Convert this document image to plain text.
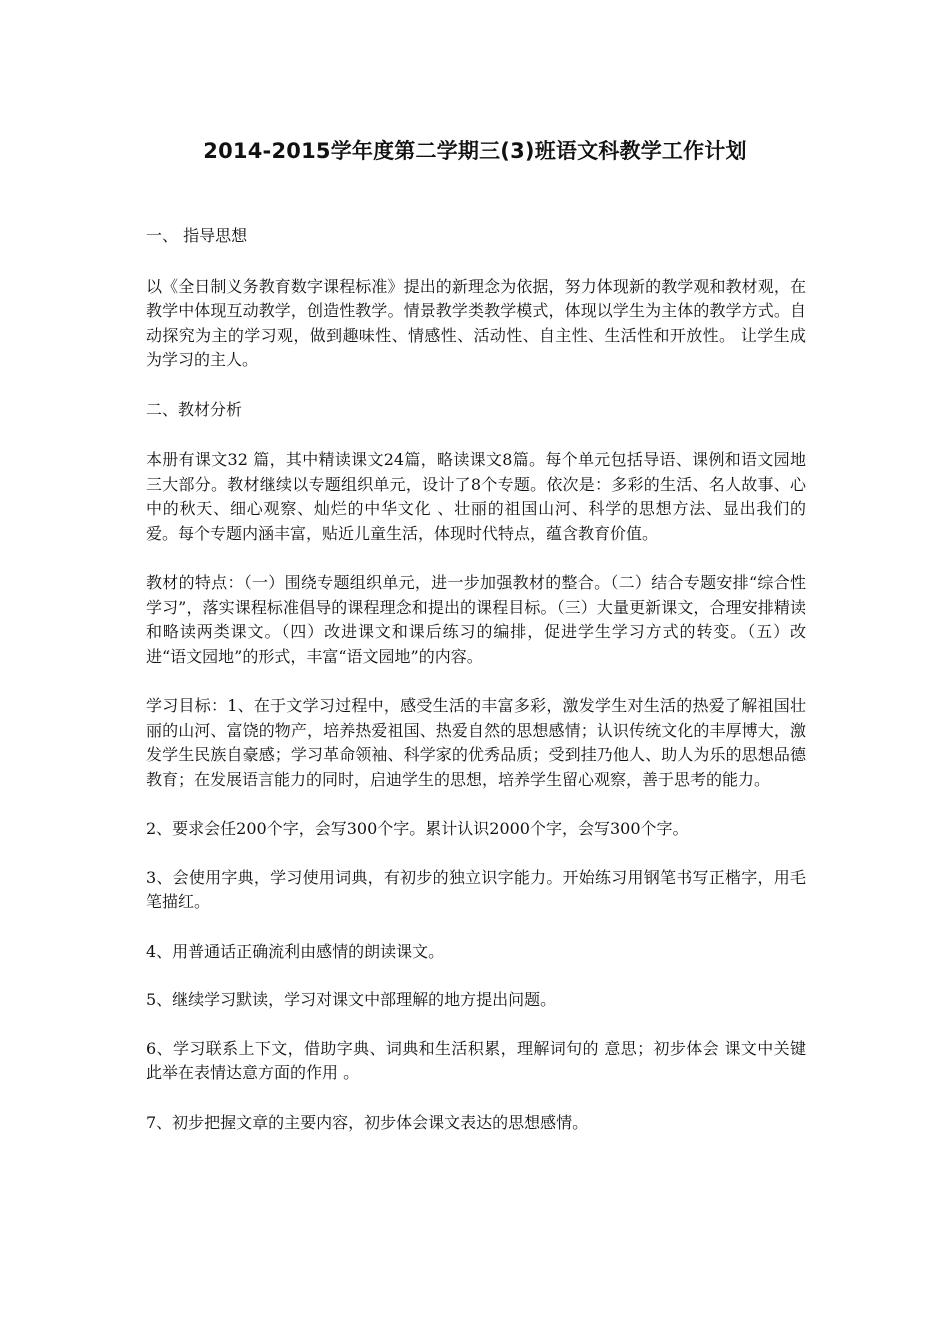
2014-2015学年度第二学期三(3)班语文科教学工作计划

一、 指导思想

以《全日制义务教育数字课程标准》提出的新理念为依据，努力体现新的教学观和教材观，在教学中体现互动教学，创造性教学。情景教学类教学模式，体现以学生为主体的教学方式。自动探究为主的学习观，做到趣味性、情感性、活动性、自主性、生活性和开放性。 让学生成为学习的主人。

二、教材分析

本册有课文32 篇，其中精读课文24篇，略读课文8篇。每个单元包括导语、课例和语文园地三大部分。教材继续以专题组织单元，设计了8个专题。依次是：多彩的生活、名人故事、心中的秋天、细心观察、灿烂的中华文化 、壮丽的祖国山河、科学的思想方法、显出我们的爱。每个专题内涵丰富，贴近儿童生活，体现时代特点，蕴含教育价值。

教材的特点：（一）围绕专题组织单元，进一步加强教材的整合。（二）结合专题安排“综合性学习”，落实课程标准倡导的课程理念和提出的课程目标。（三）大量更新课文，合理安排精读和略读两类课文。（四）改进课文和课后练习的编排，促进学生学习方式的转变。（五）改进“语文园地”的形式，丰富“语文园地”的内容。

学习目标：1、在于文学习过程中，感受生活的丰富多彩，激发学生对生活的热爱了解祖国壮丽的山河、富饶的物产，培养热爱祖国、热爱自然的思想感情；认识传统文化的丰厚博大，激发学生民族自豪感；学习革命领袖、科学家的优秀品质；受到挂乃他人、助人为乐的思想品德教育；在发展语言能力的同时，启迪学生的思想，培养学生留心观察，善于思考的能力。

2、要求会任200个字，会写300个字。累计认识2000个字，会写300个字。

3、会使用字典，学习使用词典，有初步的独立识字能力。开始练习用钢笔书写正楷字，用毛笔描红。

4、用普通话正确流利由感情的朗读课文。

5、继续学习默读，学习对课文中部理解的地方提出问题。

6、学习联系上下文，借助字典、词典和生活积累，理解词句的 意思；初步体会 课文中关键此举在表情达意方面的作用 。

7、初步把握文章的主要内容，初步体会课文表达的思想感情。
